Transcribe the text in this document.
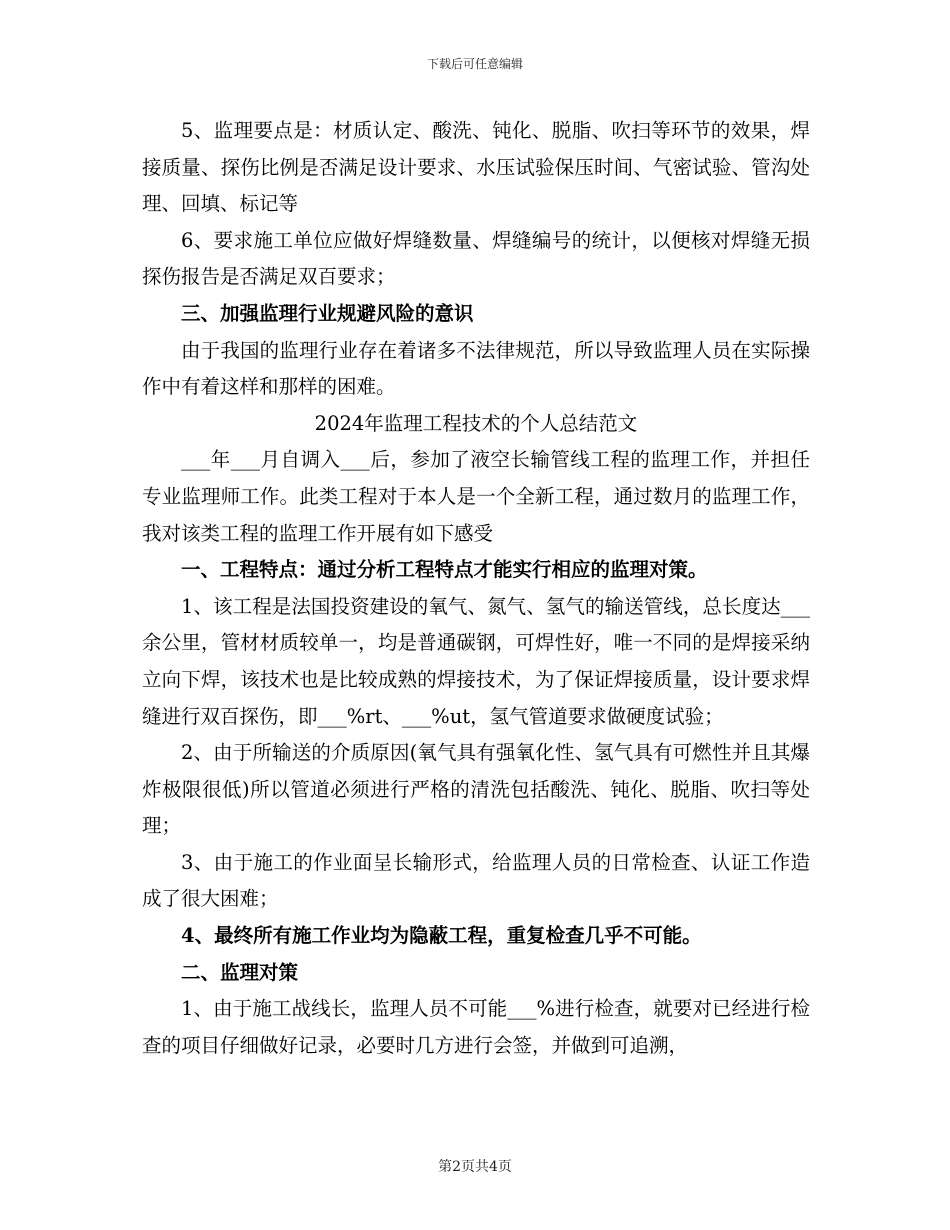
下载后可任意编辑

5、监理要点是：材质认定、酸洗、钝化、脱脂、吹扫等环节的效果，焊接质量、探伤比例是否满足设计要求、水压试验保压时间、气密试验、管沟处理、回填、标记等

6、要求施工单位应做好焊缝数量、焊缝编号的统计，以便核对焊缝无损探伤报告是否满足双百要求；

三、加强监理行业规避风险的意识

由于我国的监理行业存在着诸多不法律规范，所以导致监理人员在实际操作中有着这样和那样的困难。

2024年监理工程技术的个人总结范文

___年___月自调入___后，参加了液空长输管线工程的监理工作，并担任专业监理师工作。此类工程对于本人是一个全新工程，通过数月的监理工作，我对该类工程的监理工作开展有如下感受

一、工程特点：通过分析工程特点才能实行相应的监理对策。

1、该工程是法国投资建设的氧气、氮气、氢气的输送管线，总长度达___余公里，管材材质较单一，均是普通碳钢，可焊性好，唯一不同的是焊接采纳立向下焊，该技术也是比较成熟的焊接技术，为了保证焊接质量，设计要求焊缝进行双百探伤，即___%rt、___%ut，氢气管道要求做硬度试验；

2、由于所输送的介质原因(氧气具有强氧化性、氢气具有可燃性并且其爆炸极限很低)所以管道必须进行严格的清洗包括酸洗、钝化、脱脂、吹扫等处理；

3、由于施工的作业面呈长输形式，给监理人员的日常检查、认证工作造成了很大困难；

4、最终所有施工作业均为隐蔽工程，重复检查几乎不可能。

二、监理对策

1、由于施工战线长，监理人员不可能___%进行检查，就要对已经进行检查的项目仔细做好记录，必要时几方进行会签，并做到可追溯，

第2页共4页
